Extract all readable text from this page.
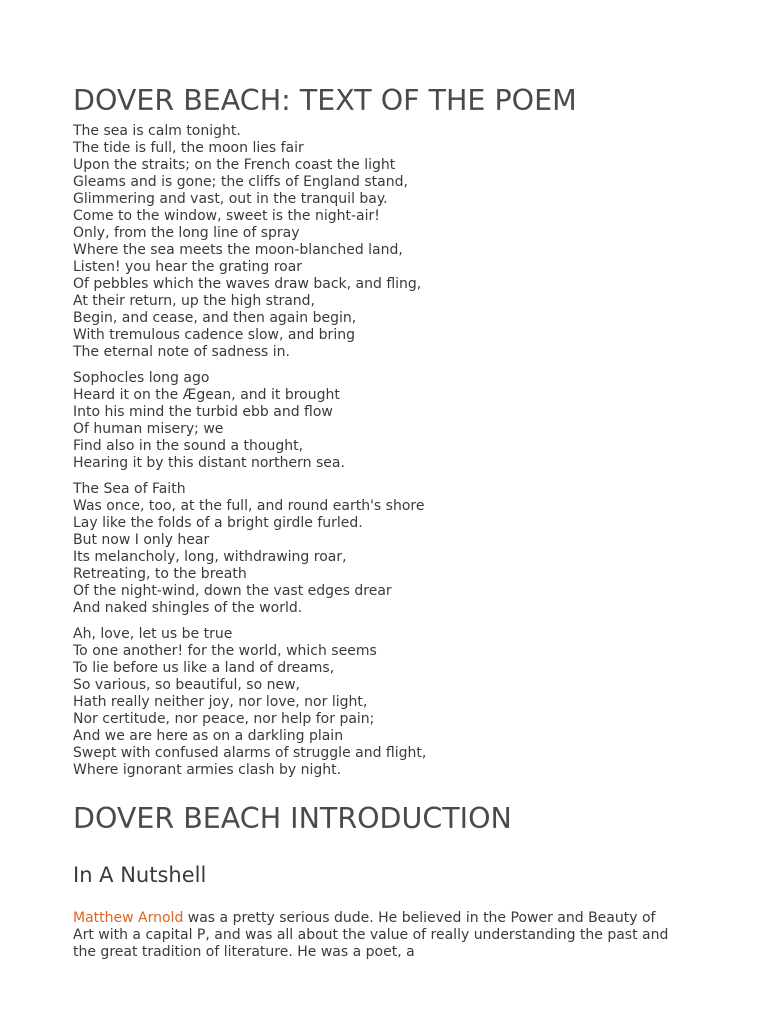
DOVER BEACH: TEXT OF THE POEM
The sea is calm tonight.
The tide is full, the moon lies fair
Upon the straits; on the French coast the light
Gleams and is gone; the cliffs of England stand,
Glimmering and vast, out in the tranquil bay.
Come to the window, sweet is the night-air!
Only, from the long line of spray
Where the sea meets the moon-blanched land,
Listen! you hear the grating roar
Of pebbles which the waves draw back, and fling,
At their return, up the high strand,
Begin, and cease, and then again begin,
With tremulous cadence slow, and bring
The eternal note of sadness in.
Sophocles long ago
Heard it on the Ægean, and it brought
Into his mind the turbid ebb and flow
Of human misery; we
Find also in the sound a thought,
Hearing it by this distant northern sea.
The Sea of Faith
Was once, too, at the full, and round earth's shore
Lay like the folds of a bright girdle furled.
But now I only hear
Its melancholy, long, withdrawing roar,
Retreating, to the breath
Of the night-wind, down the vast edges drear
And naked shingles of the world.
Ah, love, let us be true
To one another! for the world, which seems
To lie before us like a land of dreams,
So various, so beautiful, so new,
Hath really neither joy, nor love, nor light,
Nor certitude, nor peace, nor help for pain;
And we are here as on a darkling plain
Swept with confused alarms of struggle and flight,
Where ignorant armies clash by night.
DOVER BEACH INTRODUCTION
In A Nutshell

Matthew Arnold was a pretty serious dude. He believed in the Power and Beauty of Art with a capital P, and was all about the value of really understanding the past and the great tradition of literature. He was a poet, a
